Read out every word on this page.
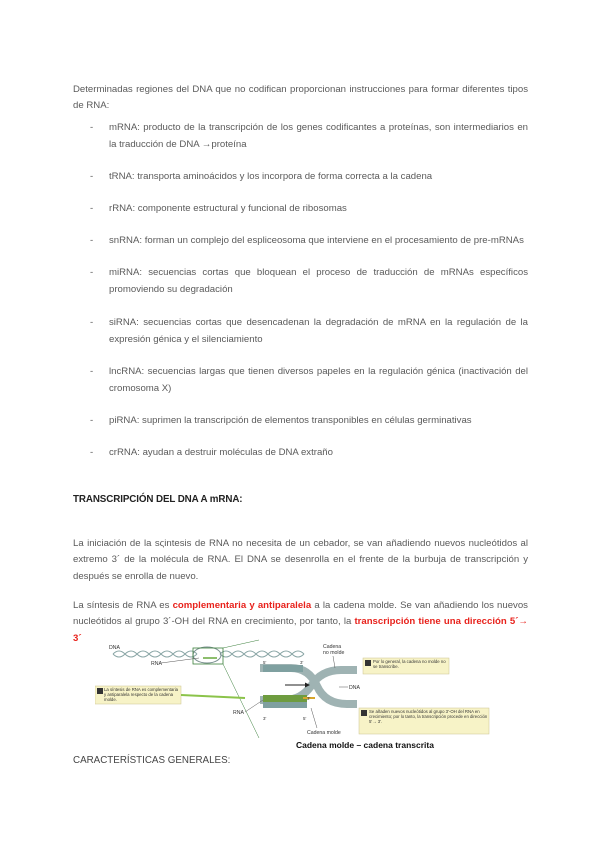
Determinadas regiones del DNA que no codifican proporcionan instrucciones para formar diferentes tipos de RNA:

- mRNA: producto de la transcripción de los genes codificantes a proteínas, son intermediarios en la traducción de DNA →proteína
- tRNA: transporta aminoácidos y los incorpora de forma correcta a la cadena
- rRNA: componente estructural y funcional de ribosomas
- snRNA: forman un complejo del espliceosoma que interviene en el procesamiento de pre-mRNAs
- miRNA: secuencias cortas que bloquean el proceso de traducción de mRNAs específicos promoviendo su degradación
- siRNA: secuencias cortas que desencadenan la degradación de mRNA en la regulación de la expresión génica y el silenciamiento
- lncRNA: secuencias largas que tienen diversos papeles en la regulación génica (inactivación del cromosoma X)
- piRNA: suprimen la transcripción de elementos transponibles en células germinativas
- crRNA: ayudan a destruir moléculas de DNA extraño
TRANSCRIPCIÓN DEL DNA A mRNA:

La iniciación de la sςintesis de RNA no necesita de un cebador, se van añadiendo nuevos nucleótidos al extremo 3´ de la molécula de RNA. El DNA se desenrolla en el frente de la burbuja de transcripción y después se enrolla de nuevo.

La síntesis de RNA es complementaria y antiparalela a la cadena molde. Se van añadiendo los nuevos nucleótidos al grupo 3´-OH del RNA en crecimiento, por tanto, la transcripción tiene una dirección 5´→ 3´

DNA
RNA	5'	3'
3'	5'
3'
RNA
Cadena no molde
DNA
Cadena molde
1 La síntesis de RNA es complementaria y antiparalela respecto de la cadena molde.
2 Se añaden nuevos nucleótidos al grupo 3'-OH del RNA en crecimiento; por lo tanto, la transcripción procede en dirección 5'→ 3'.
3 Por lo general, la cadena no molde no se transcribe.
Cadena molde – cadena transcrita
CARACTERÍSTICAS GENERALES:
